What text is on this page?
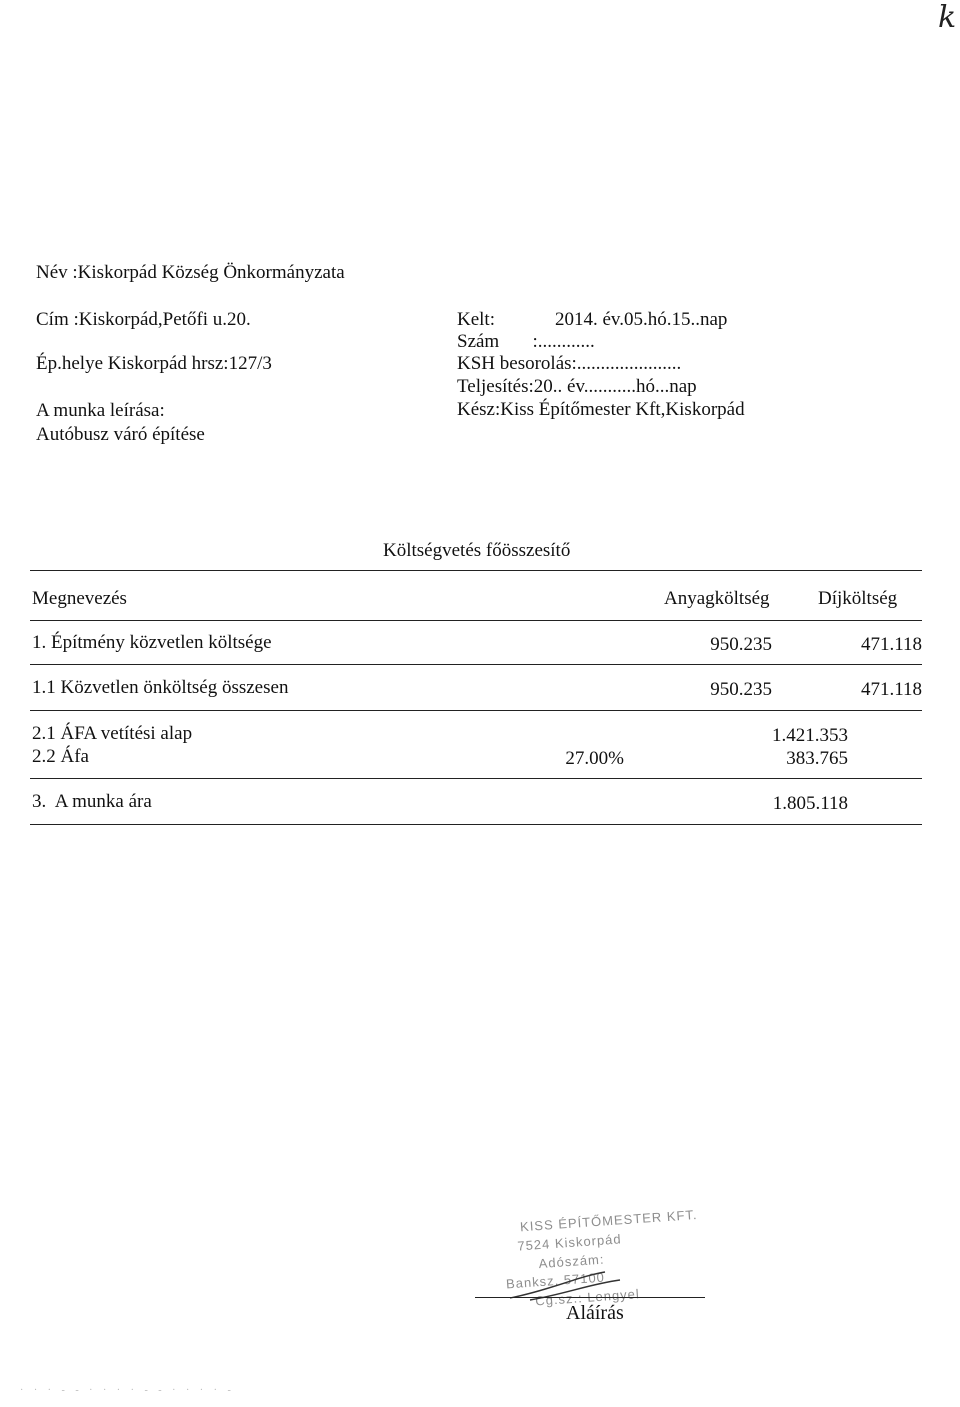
k
Név :Kiskorpád Község Önkormányzata
Cím :Kiskorpád,Petőfi u.20.
Ép.helye Kiskorpád hrsz:127/3
A munka leírása:
Autóbusz váró építése
Kelt:	2014. év.05.hó.15..nap
Szám       :............
KSH besorolás:......................
Teljesítés:20.. év...........hó...nap
Kész:Kiss Építőmester Kft,Kiskorpád
Költségvetés főösszesítő
Megnevezés	Anyagköltség	Díjköltség
1. Építmény közvetlen költsége	950.235	471.118
1.1 Közvetlen önköltség összesen	950.235	471.118
2.1 ÁFA vetítési alap	1.421.353
2.2 Áfa	27.00%	383.765
3.  A munka ára	1.805.118
KISS ÉPÍTŐMESTER KFT.
7524 Kiskorpád
Adószám:
Banksz. 57100
Cg.sz.: Lengyel
Aláírás
· · · - - · · · · - - · · · · -
